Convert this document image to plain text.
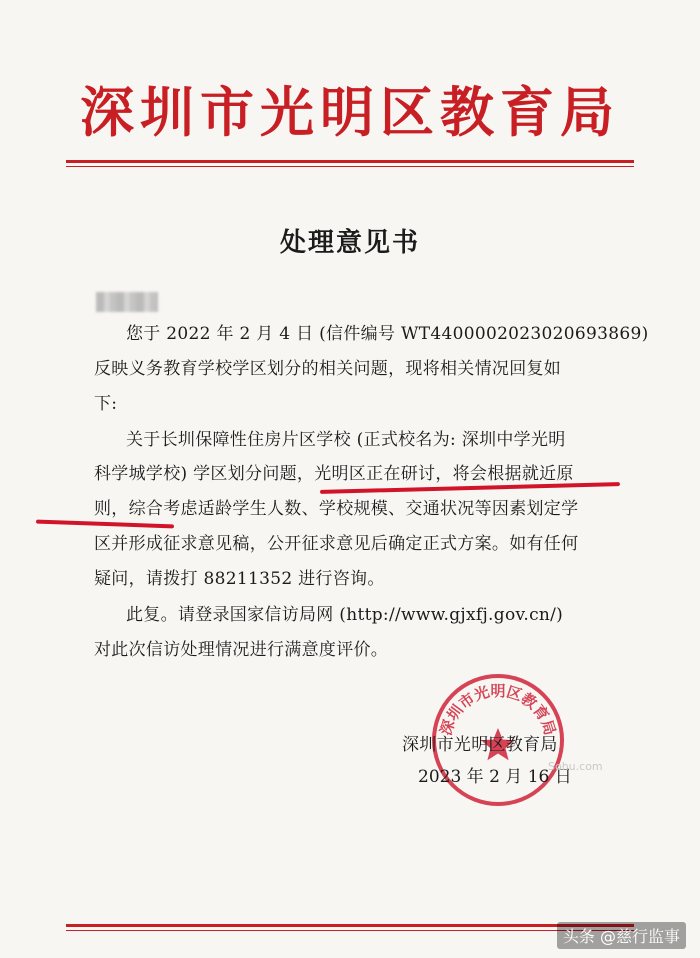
深圳市光明区教育局
处理意见书
您于 2022 年 2 月 4 日 (信件编号 WT4400002023020693869)
反映义务教育学校学区划分的相关问题，现将相关情况回复如
下:
关于长圳保障性住房片区学校 (正式校名为: 深圳中学光明
科学城学校) 学区划分问题，光明区正在研讨，将会根据就近原
则，综合考虑适龄学生人数、学校规模、交通状况等因素划定学
区并形成征求意见稿，公开征求意见后确定正式方案。如有任何
疑问，请拨打 88211352 进行咨询。
此复。请登录国家信访局网 (http://www.gjxfj.gov.cn/)
对此次信访处理情况进行满意度评价。
深圳市光明区教育局
深圳市光明区教育局
2023 年 2 月 16 日
Sohu.com
头条 @慈行监事
